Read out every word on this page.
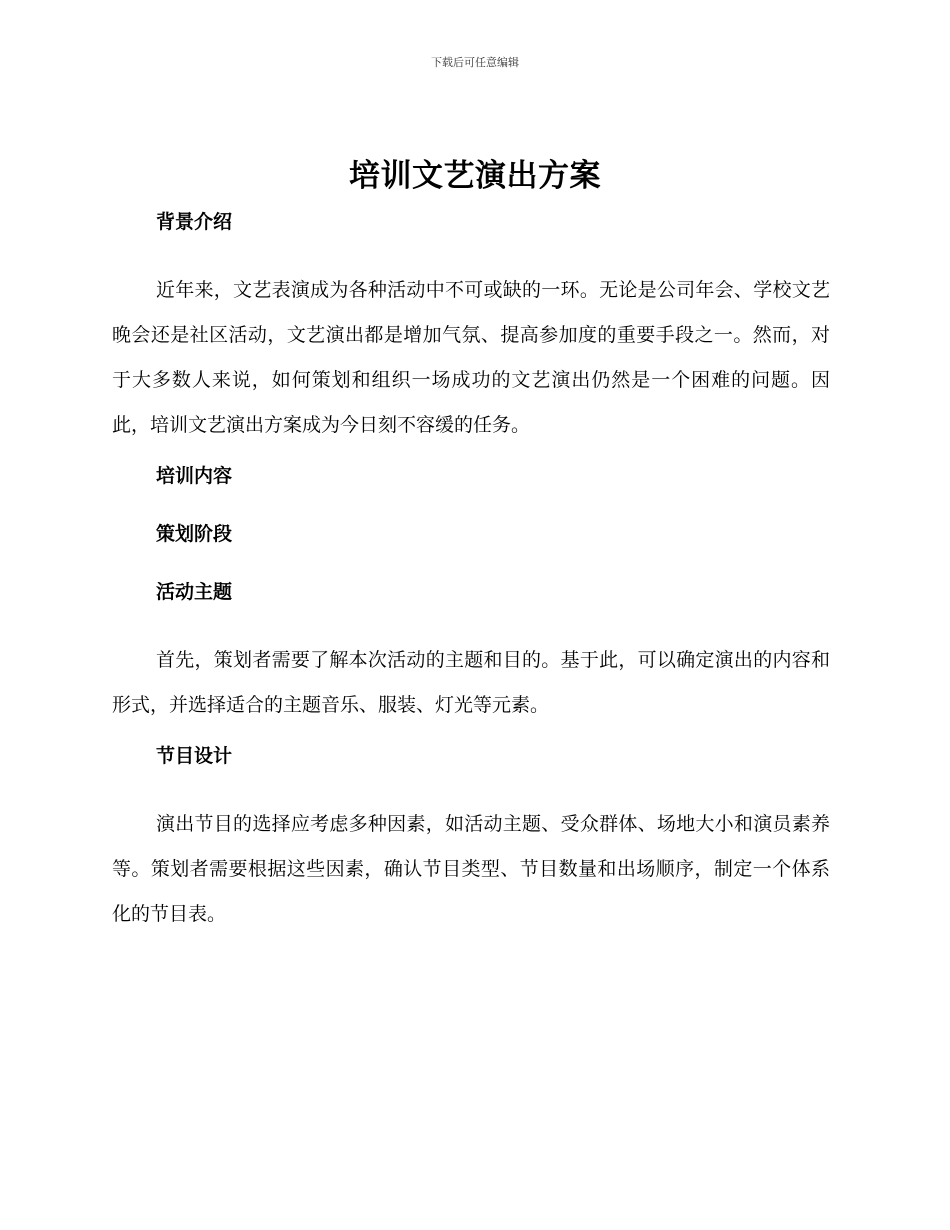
下载后可任意编辑
培训文艺演出方案
背景介绍

近年来，文艺表演成为各种活动中不可或缺的一环。无论是公司年会、学校文艺晚会还是社区活动，文艺演出都是增加气氛、提高参加度的重要手段之一。然而，对于大多数人来说，如何策划和组织一场成功的文艺演出仍然是一个困难的问题。因此，培训文艺演出方案成为今日刻不容缓的任务。

培训内容
策划阶段
活动主题

首先，策划者需要了解本次活动的主题和目的。基于此，可以确定演出的内容和形式，并选择适合的主题音乐、服装、灯光等元素。

节目设计

演出节目的选择应考虑多种因素，如活动主题、受众群体、场地大小和演员素养等。策划者需要根据这些因素，确认节目类型、节目数量和出场顺序，制定一个体系化的节目表。
